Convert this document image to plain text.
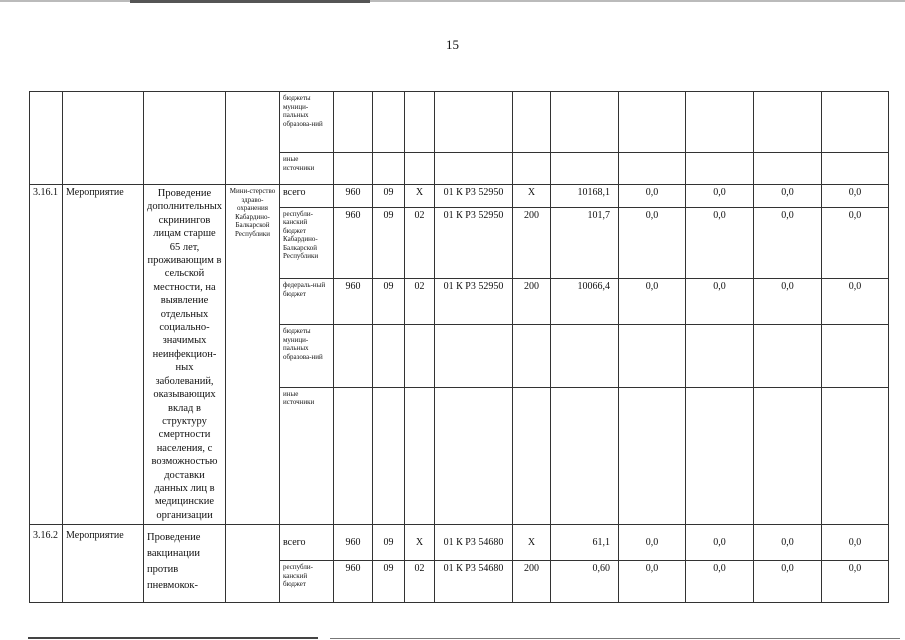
15
				бюджеты муници-пальных образова-ний										
				иные источники										
3.16.1	Мероприятие	Проведение дополнительных скринингов лицам старше 65 лет, проживающим в сельской местности, на выявление отдельных социально-значимых неинфекцион-ных заболеваний, оказывающих вклад в структуру смертности населения, с возможностью доставки данных лиц в медицинские организации	Мини-стерство здраво-охранения Кабардино-Балкарской Республики	всего	960	09	X	01 К Р3 52950	X	10168,1	0,0	0,0	0,0	0,0
				республи-канский бюджет Кабардино-Балкарской Республики	960	09	02	01 К Р3 52950	200	101,7	0,0	0,0	0,0	0,0
				федераль-ный бюджет	960	09	02	01 К Р3 52950	200	10066,4	0,0	0,0	0,0	0,0
				бюджеты муници-пальных образова-ний										
				иные источники										
3.16.2	Мероприятие	Проведение вакцинации против пневмокок-		всего	960	09	X	01 К Р3 54680	X	61,1	0,0	0,0	0,0	0,0
				республи-канский бюджет	960	09	02	01 К Р3 54680	200	0,60	0,0	0,0	0,0	0,0
